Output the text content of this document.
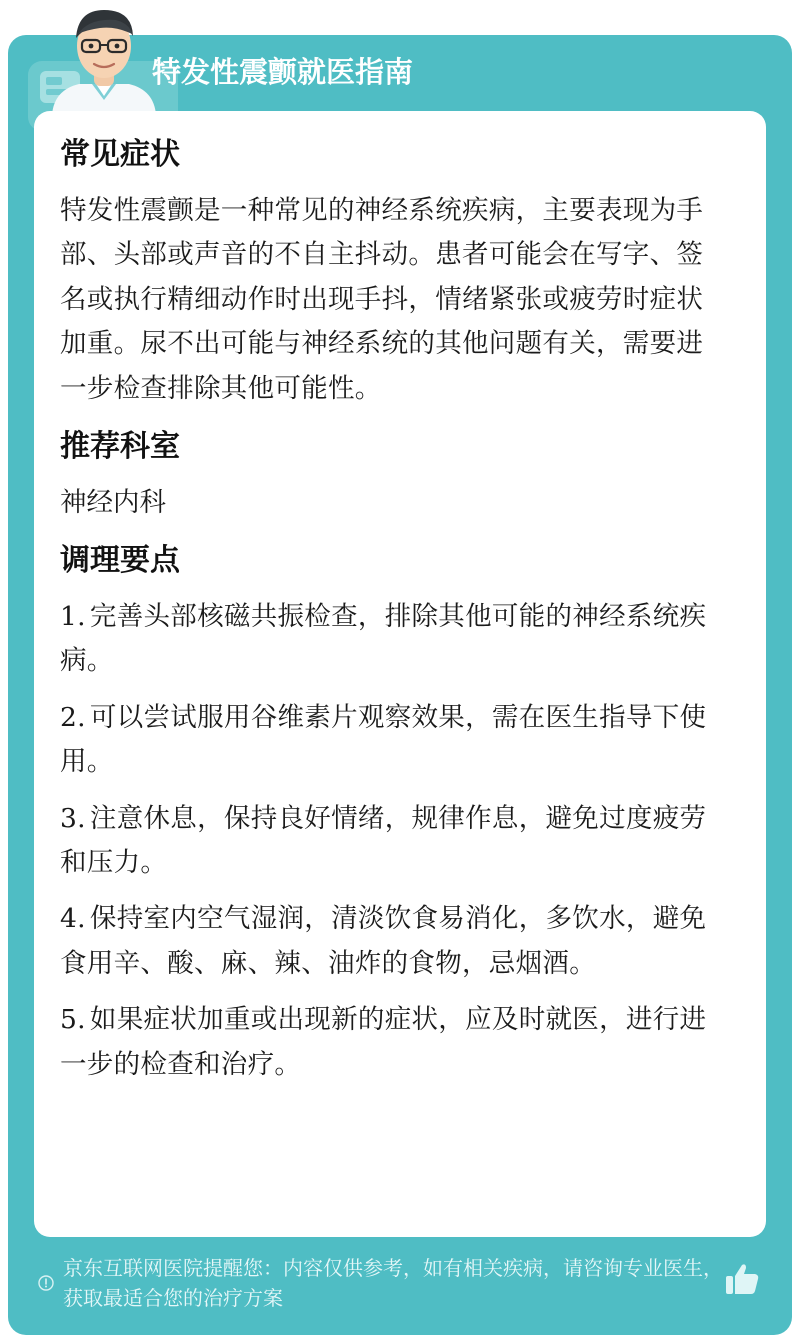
特发性震颤就医指南
常见症状

特发性震颤是一种常见的神经系统疾病，主要表现为手部、头部或声音的不自主抖动。患者可能会在写字、签名或执行精细动作时出现手抖，情绪紧张或疲劳时症状加重。尿不出可能与神经系统的其他问题有关，需要进一步检查排除其他可能性。

推荐科室

神经内科

调理要点
1. 完善头部核磁共振检查，排除其他可能的神经系统疾病。
2. 可以尝试服用谷维素片观察效果，需在医生指导下使用。
3. 注意休息，保持良好情绪，规律作息，避免过度疲劳和压力。
4. 保持室内空气湿润，清淡饮食易消化，多饮水，避免食用辛、酸、麻、辣、油炸的食物，忌烟酒。
5. 如果症状加重或出现新的症状，应及时就医，进行进一步的检查和治疗。
京东互联网医院提醒您：内容仅供参考，如有相关疾病，请咨询专业医生，获取最适合您的治疗方案
